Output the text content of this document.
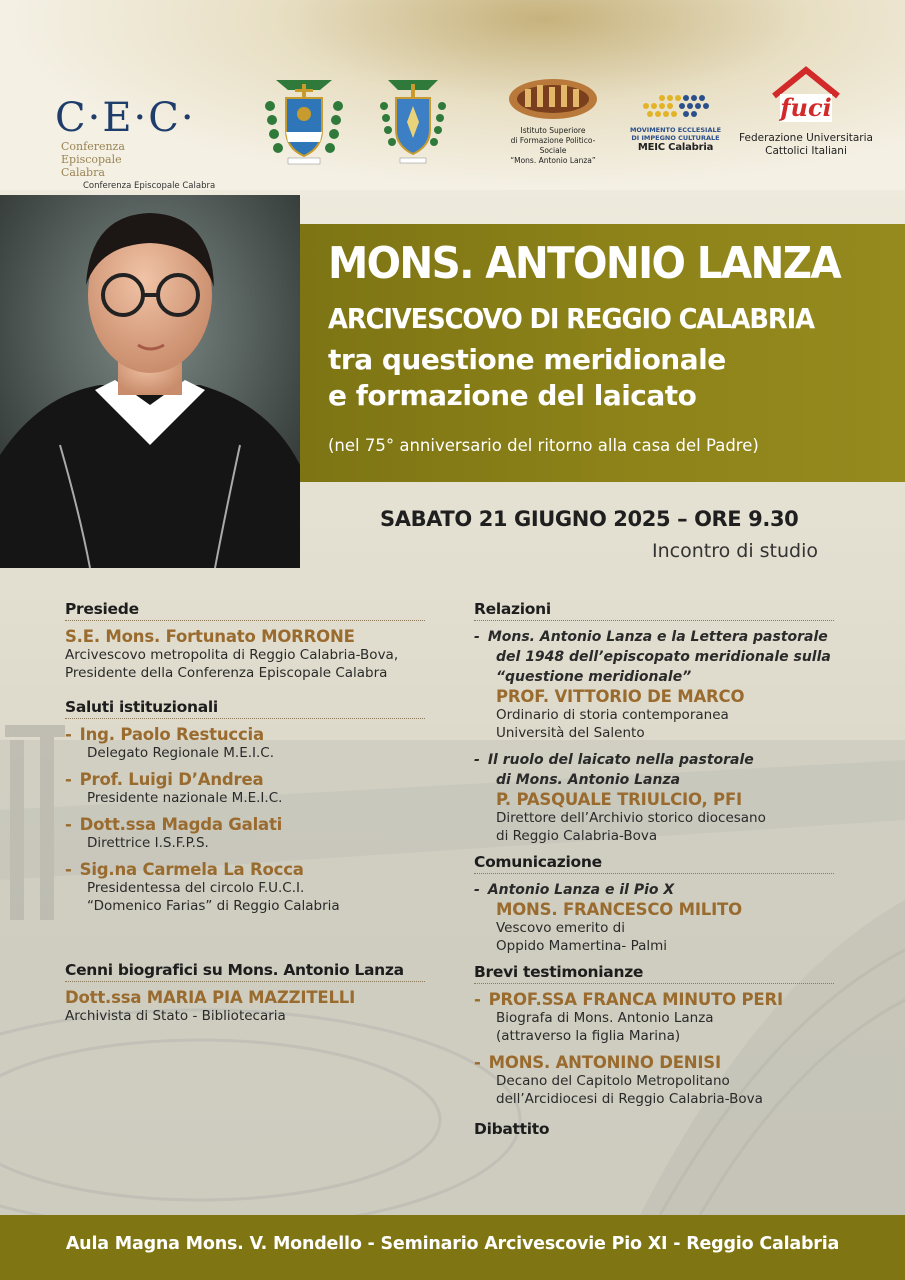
C·E·C·
Conferenza
Episcopale
Calabra
Conferenza Episcopale Calabra
Istituto Superiore
di Formazione Politico-Sociale
“Mons. Antonio Lanza”
MOVIMENTO ECCLESIALE
DI IMPEGNO CULTURALE
MEIC Calabria
fuci
Federazione Universitaria
Cattolici Italiani
MONS. ANTONIO LANZA
ARCIVESCOVO DI REGGIO CALABRIA
tra questione meridionale
e formazione del laicato
(nel 75° anniversario del ritorno alla casa del Padre)
SABATO 21 GIUGNO 2025 – ORE 9.30
Incontro di studio
Presiede
S.E. Mons. Fortunato MORRONE
Arcivescovo metropolita di Reggio Calabria-Bova,
Presidente della Conferenza Episcopale Calabra
Saluti istituzionali
- Ing. Paolo Restuccia
Delegato Regionale M.E.I.C.
- Prof. Luigi D’Andrea
Presidente nazionale M.E.I.C.
- Dott.ssa Magda Galati
Direttrice I.S.F.P.S.
- Sig.na Carmela La Rocca
Presidentessa del circolo F.U.C.I.
“Domenico Farias” di Reggio Calabria
Cenni biografici su Mons. Antonio Lanza
Dott.ssa MARIA PIA MAZZITELLI
Archivista di Stato - Bibliotecaria
Relazioni
- Mons. Antonio Lanza e la Lettera pastorale
del 1948 dell’episcopato meridionale sulla
“questione meridionale”
PROF. VITTORIO DE MARCO
Ordinario di storia contemporanea
Università del Salento
- Il ruolo del laicato nella pastorale
di Mons. Antonio Lanza
P. PASQUALE TRIULCIO, PFI
Direttore dell’Archivio storico diocesano
di Reggio Calabria-Bova
Comunicazione
- Antonio Lanza e il Pio X
MONS. FRANCESCO MILITO
Vescovo emerito di
Oppido Mamertina- Palmi
Brevi testimonianze
- PROF.SSA FRANCA MINUTO PERI
Biografa di Mons. Antonio Lanza
(attraverso la figlia Marina)
- MONS. ANTONINO DENISI
Decano del Capitolo Metropolitano
dell’Arcidiocesi di Reggio Calabria-Bova
Dibattito
Aula Magna Mons. V. Mondello - Seminario Arcivescovie Pio XI - Reggio Calabria
